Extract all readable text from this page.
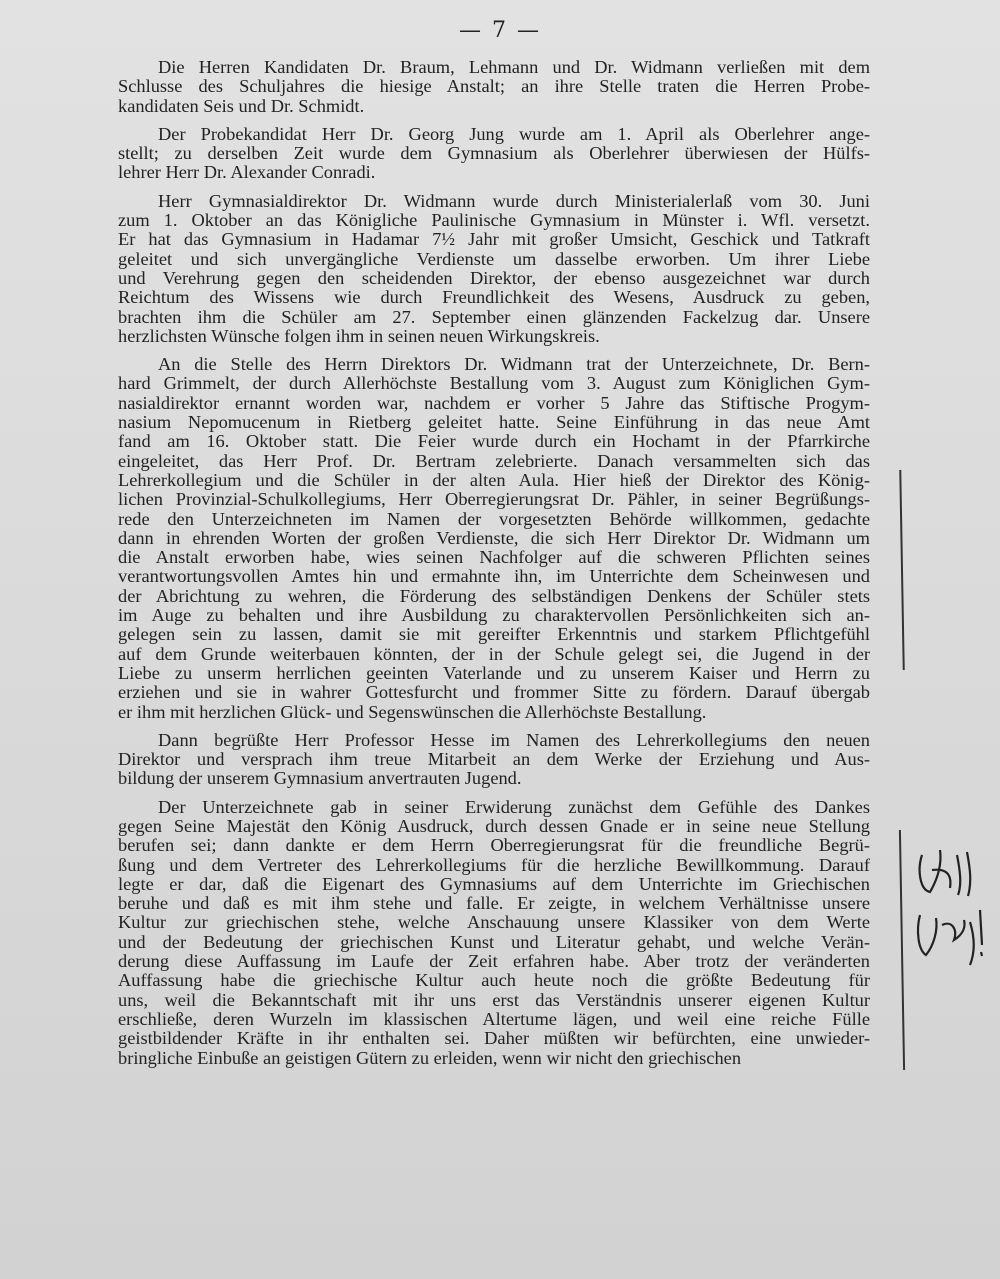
— 7 —
Die Herren Kandidaten Dr. Braum, Lehmann und Dr. Widmann verließen mit dem
Schlusse des Schuljahres die hiesige Anstalt; an ihre Stelle traten die Herren Probe-
kandidaten Seis und Dr. Schmidt.
Der Probekandidat Herr Dr. Georg Jung wurde am 1. April als Oberlehrer ange-
stellt; zu derselben Zeit wurde dem Gymnasium als Oberlehrer überwiesen der Hülfs-
lehrer Herr Dr. Alexander Conradi.
Herr Gymnasialdirektor Dr. Widmann wurde durch Ministerialerlaß vom 30. Juni
zum 1. Oktober an das Königliche Paulinische Gymnasium in Münster i. Wfl. versetzt.
Er hat das Gymnasium in Hadamar 7½ Jahr mit großer Umsicht, Geschick und Tatkraft
geleitet und sich unvergängliche Verdienste um dasselbe erworben. Um ihrer Liebe
und Verehrung gegen den scheidenden Direktor, der ebenso ausgezeichnet war durch
Reichtum des Wissens wie durch Freundlichkeit des Wesens, Ausdruck zu geben,
brachten ihm die Schüler am 27. September einen glänzenden Fackelzug dar. Unsere
herzlichsten Wünsche folgen ihm in seinen neuen Wirkungskreis.
An die Stelle des Herrn Direktors Dr. Widmann trat der Unterzeichnete, Dr. Bern-
hard Grimmelt, der durch Allerhöchste Bestallung vom 3. August zum Königlichen Gym-
nasialdirektor ernannt worden war, nachdem er vorher 5 Jahre das Stiftische Progym-
nasium Nepomucenum in Rietberg geleitet hatte. Seine Einführung in das neue Amt
fand am 16. Oktober statt. Die Feier wurde durch ein Hochamt in der Pfarrkirche
eingeleitet, das Herr Prof. Dr. Bertram zelebrierte. Danach versammelten sich das
Lehrerkollegium und die Schüler in der alten Aula. Hier hieß der Direktor des König-
lichen Provinzial-Schulkollegiums, Herr Oberregierungsrat Dr. Pähler, in seiner Begrüßungs-
rede den Unterzeichneten im Namen der vorgesetzten Behörde willkommen, gedachte
dann in ehrenden Worten der großen Verdienste, die sich Herr Direktor Dr. Widmann um
die Anstalt erworben habe, wies seinen Nachfolger auf die schweren Pflichten seines
verantwortungsvollen Amtes hin und ermahnte ihn, im Unterrichte dem Scheinwesen und
der Abrichtung zu wehren, die Förderung des selbständigen Denkens der Schüler stets
im Auge zu behalten und ihre Ausbildung zu charaktervollen Persönlichkeiten sich an-
gelegen sein zu lassen, damit sie mit gereifter Erkenntnis und starkem Pflichtgefühl
auf dem Grunde weiterbauen könnten, der in der Schule gelegt sei, die Jugend in der
Liebe zu unserm herrlichen geeinten Vaterlande und zu unserem Kaiser und Herrn zu
erziehen und sie in wahrer Gottesfurcht und frommer Sitte zu fördern. Darauf übergab
er ihm mit herzlichen Glück- und Segenswünschen die Allerhöchste Bestallung.
Dann begrüßte Herr Professor Hesse im Namen des Lehrerkollegiums den neuen
Direktor und versprach ihm treue Mitarbeit an dem Werke der Erziehung und Aus-
bildung der unserem Gymnasium anvertrauten Jugend.
Der Unterzeichnete gab in seiner Erwiderung zunächst dem Gefühle des Dankes
gegen Seine Majestät den König Ausdruck, durch dessen Gnade er in seine neue Stellung
berufen sei; dann dankte er dem Herrn Oberregierungsrat für die freundliche Begrü-
ßung und dem Vertreter des Lehrerkollegiums für die herzliche Bewillkommung. Darauf
legte er dar, daß die Eigenart des Gymnasiums auf dem Unterrichte im Griechischen
beruhe und daß es mit ihm stehe und falle. Er zeigte, in welchem Verhältnisse unsere
Kultur zur griechischen stehe, welche Anschauung unsere Klassiker von dem Werte
und der Bedeutung der griechischen Kunst und Literatur gehabt, und welche Verän-
derung diese Auffassung im Laufe der Zeit erfahren habe. Aber trotz der veränderten
Auffassung habe die griechische Kultur auch heute noch die größte Bedeutung für
uns, weil die Bekanntschaft mit ihr uns erst das Verständnis unserer eigenen Kultur
erschließe, deren Wurzeln im klassischen Altertume lägen, und weil eine reiche Fülle
geistbildender Kräfte in ihr enthalten sei. Daher müßten wir befürchten, eine unwieder-
bringliche Einbuße an geistigen Gütern zu erleiden, wenn wir nicht den griechischen
